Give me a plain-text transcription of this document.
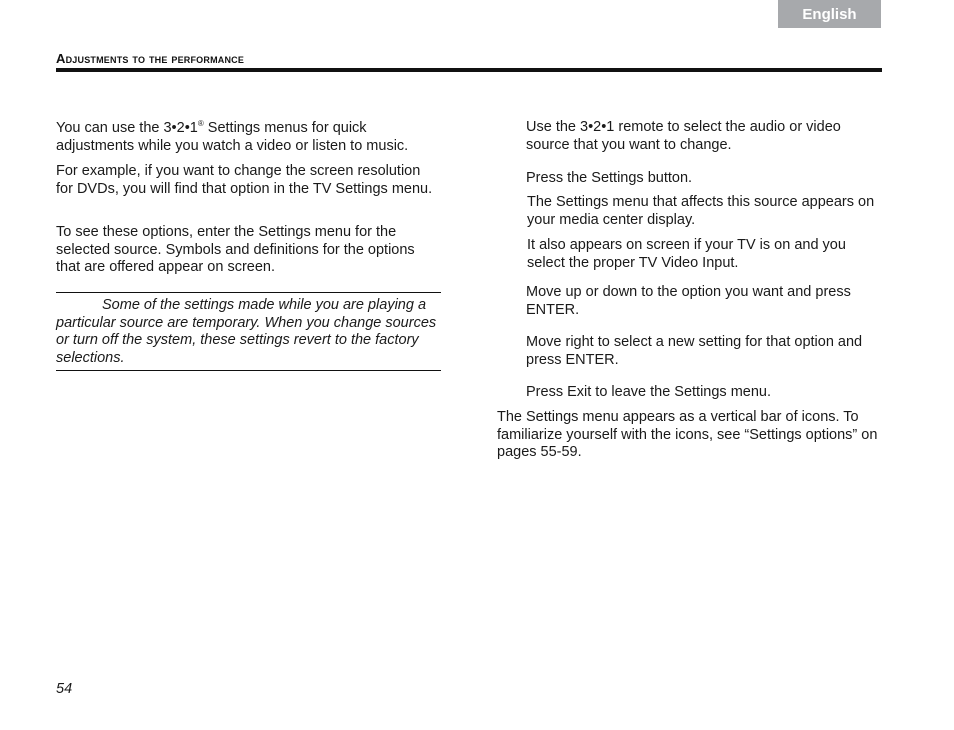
English
Adjustments to the performance

You can use the 3•2•1® Settings menus for quick adjustments while you watch a video or listen to music.

For example, if you want to change the screen resolution for DVDs, you will find that option in the TV Settings menu.

To see these options, enter the Settings menu for the selected source. Symbols and definitions for the options that are offered appear on screen.

Some of the settings made while you are playing a particular source are temporary. When you change sources or turn off the system, these settings revert to the factory selections.

Use the 3•2•1 remote to select the audio or video source that you want to change.

Press the Settings button.

The Settings menu that affects this source appears on your media center display.

It also appears on screen if your TV is on and you select the proper TV Video Input.

Move up or down to the option you want and press ENTER.

Move right to select a new setting for that option and press ENTER.

Press Exit to leave the Settings menu.

The Settings menu appears as a vertical bar of icons. To familiarize yourself with the icons, see “Settings options” on pages 55-59.

54
